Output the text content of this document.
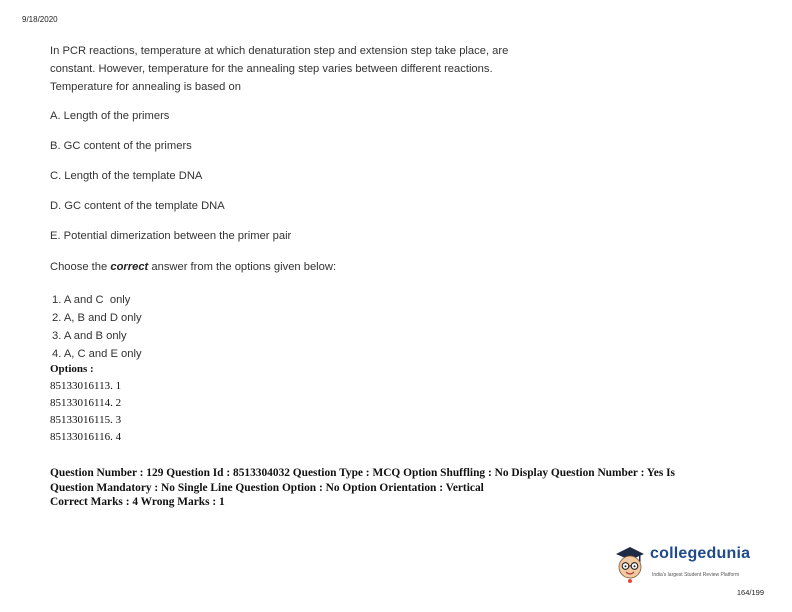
9/18/2020

In PCR reactions, temperature at which denaturation step and extension step take place, are

constant. However, temperature for the annealing step varies between different reactions.

Temperature for annealing is based on

A. Length of the primers
B. GC content of the primers
C. Length of the template DNA
D. GC content of the template DNA
E. Potential dimerization between the primer pair
Choose the correct answer from the options given below:
1. A and C  only
2. A, B and D only
3. A and B only
4. A, C and E only
Options :
85133016113. 1
85133016114. 2
85133016115. 3
85133016116. 4
Question Number : 129 Question Id : 8513304032 Question Type : MCQ Option Shuffling : No Display Question Number : Yes Is
Question Mandatory : No Single Line Question Option : No Option Orientation : Vertical
Correct Marks : 4 Wrong Marks : 1
collegedunia
India's largest Student Review Platform
164/199
